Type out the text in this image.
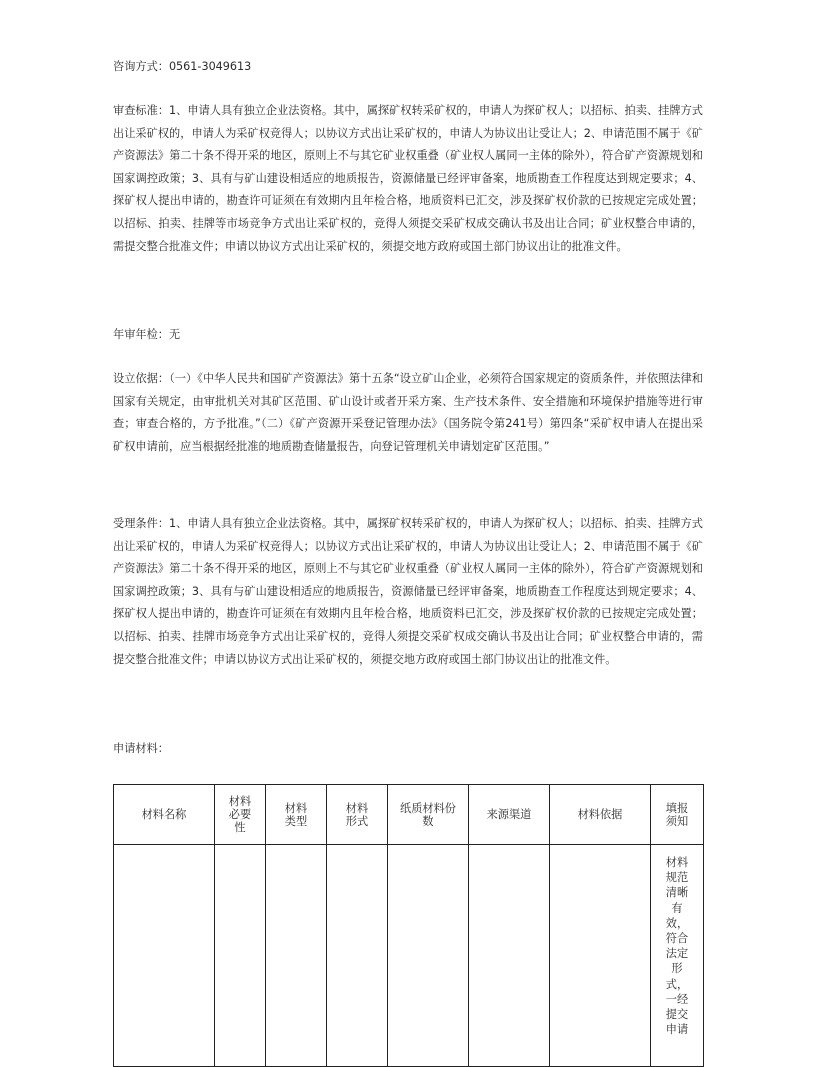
咨询方式：0561-3049613

审查标准：1、申请人具有独立企业法资格。其中，属探矿权转采矿权的，申请人为探矿权人；以招标、拍卖、挂牌方式出让采矿权的，申请人为采矿权竞得人；以协议方式出让采矿权的，申请人为协议出让受让人；2、申请范围不属于《矿产资源法》第二十条不得开采的地区，原则上不与其它矿业权重叠（矿业权人属同一主体的除外），符合矿产资源规划和国家调控政策；3、具有与矿山建设相适应的地质报告，资源储量已经评审备案，地质勘查工作程度达到规定要求；4、探矿权人提出申请的，勘查许可证须在有效期内且年检合格，地质资料已汇交，涉及探矿权价款的已按规定完成处置；以招标、拍卖、挂牌等市场竞争方式出让采矿权的，竞得人须提交采矿权成交确认书及出让合同；矿业权整合申请的，需提交整合批准文件；申请以协议方式出让采矿权的，须提交地方政府或国土部门协议出让的批准文件。

年审年检：无

设立依据：（一）《中华人民共和国矿产资源法》第十五条“设立矿山企业，必须符合国家规定的资质条件，并依照法律和国家有关规定，由审批机关对其矿区范围、矿山设计或者开采方案、生产技术条件、安全措施和环境保护措施等进行审查；审查合格的，方予批准。”（二）《矿产资源开采登记管理办法》（国务院令第241号）第四条“采矿权申请人在提出采矿权申请前，应当根据经批准的地质勘查储量报告，向登记管理机关申请划定矿区范围。”

受理条件：1、申请人具有独立企业法资格。其中，属探矿权转采矿权的，申请人为探矿权人；以招标、拍卖、挂牌方式出让采矿权的，申请人为采矿权竞得人；以协议方式出让采矿权的，申请人为协议出让受让人；2、申请范围不属于《矿产资源法》第二十条不得开采的地区，原则上不与其它矿业权重叠（矿业权人属同一主体的除外），符合矿产资源规划和国家调控政策；3、具有与矿山建设相适应的地质报告，资源储量已经评审备案，地质勘查工作程度达到规定要求；4、探矿权人提出申请的，勘查许可证须在有效期内且年检合格，地质资料已汇交，涉及探矿权价款的已按规定完成处置；以招标、拍卖、挂牌市场竞争方式出让采矿权的，竞得人须提交采矿权成交确认书及出让合同；矿业权整合申请的，需提交整合批准文件；申请以协议方式出让采矿权的，须提交地方政府或国土部门协议出让的批准文件。

申请材料：

材料名称	材料必要性	材料类型	材料形式	纸质材料份数	来源渠道	材料依据	填报须知

							材料规范清晰有效，符合法定形式，一经提交申请
